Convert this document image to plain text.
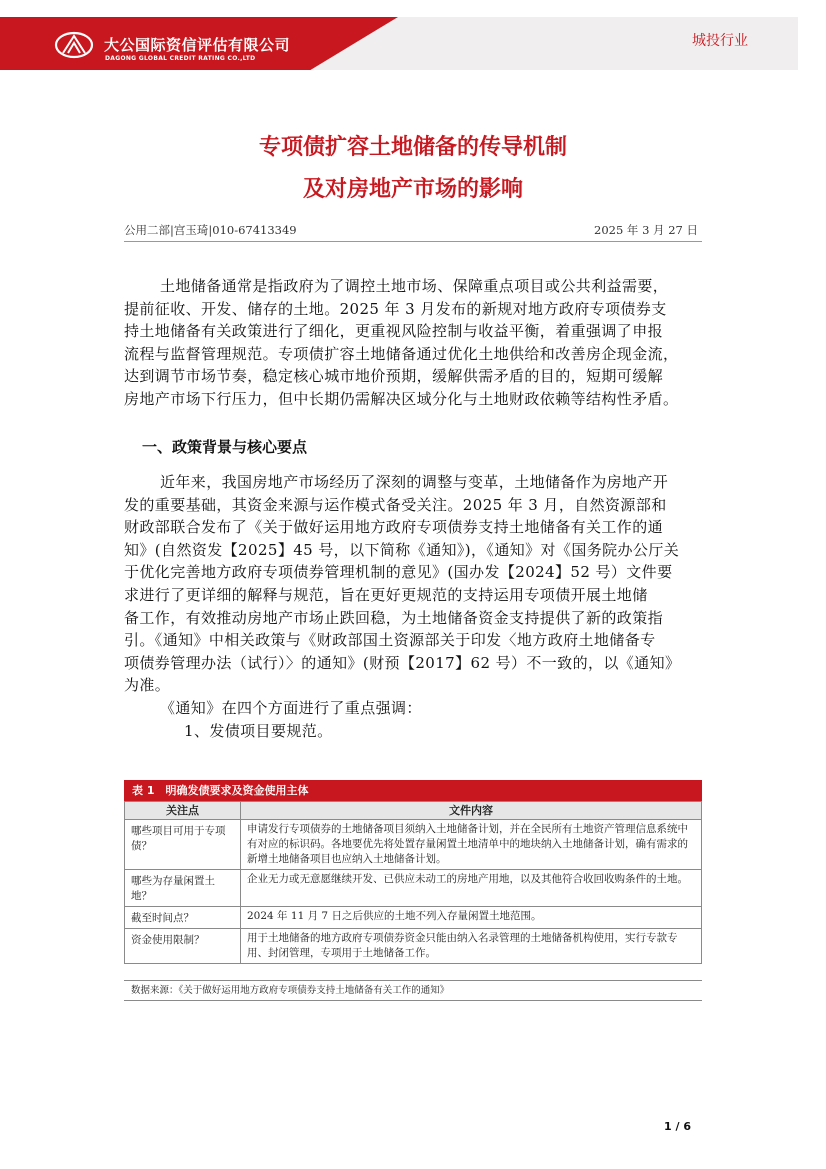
大公国际资信评估有限公司
DAGONG GLOBAL CREDIT RATING CO.,LTD
城投行业
专项债扩容土地储备的传导机制
及对房地产市场的影响
公用二部|宫玉琦|010-67413349	2025 年 3 月 27 日
土地储备通常是指政府为了调控土地市场、保障重点项目或公共利益需要，
提前征收、开发、储存的土地。2025 年 3 月发布的新规对地方政府专项债券支
持土地储备有关政策进行了细化，更重视风险控制与收益平衡，着重强调了申报
流程与监督管理规范。专项债扩容土地储备通过优化土地供给和改善房企现金流，
达到调节市场节奏，稳定核心城市地价预期，缓解供需矛盾的目的，短期可缓解
房地产市场下行压力，但中长期仍需解决区域分化与土地财政依赖等结构性矛盾。
一、政策背景与核心要点
近年来，我国房地产市场经历了深刻的调整与变革，土地储备作为房地产开
发的重要基础，其资金来源与运作模式备受关注。2025 年 3 月，自然资源部和
财政部联合发布了《关于做好运用地方政府专项债券支持土地储备有关工作的通
知》(自然资发【2025】45 号，以下简称《通知》)，《通知》对《国务院办公厅关
于优化完善地方政府专项债券管理机制的意见》(国办发【2024】52 号）文件要
求进行了更详细的解释与规范，旨在更好更规范的支持运用专项债开展土地储
备工作，有效推动房地产市场止跌回稳，为土地储备资金支持提供了新的政策指
引。《通知》中相关政策与《财政部国土资源部关于印发〈地方政府土地储备专
项债券管理办法（试行）〉的通知》(财预【2017】62 号）不一致的，以《通知》
为准。
《通知》在四个方面进行了重点强调：
1、发债项目要规范。
表 1　明确发债要求及资金使用主体
关注点	文件内容
哪些项目可用于专项债？	申请发行专项债券的土地储备项目须纳入土地储备计划，并在全民所有土地资产管理信息系统中有对应的标识码。各地要优先将处置存量闲置土地清单中的地块纳入土地储备计划，确有需求的新增土地储备项目也应纳入土地储备计划。
哪些为存量闲置土地？	企业无力或无意愿继续开发、已供应未动工的房地产用地，以及其他符合收回收购条件的土地。
截至时间点？	2024 年 11 月 7 日之后供应的土地不列入存量闲置土地范围。
资金使用限制？	用于土地储备的地方政府专项债券资金只能由纳入名录管理的土地储备机构使用，实行专款专用、封闭管理，专项用于土地储备工作。
数据来源：《关于做好运用地方政府专项债券支持土地储备有关工作的通知》
1 / 6
